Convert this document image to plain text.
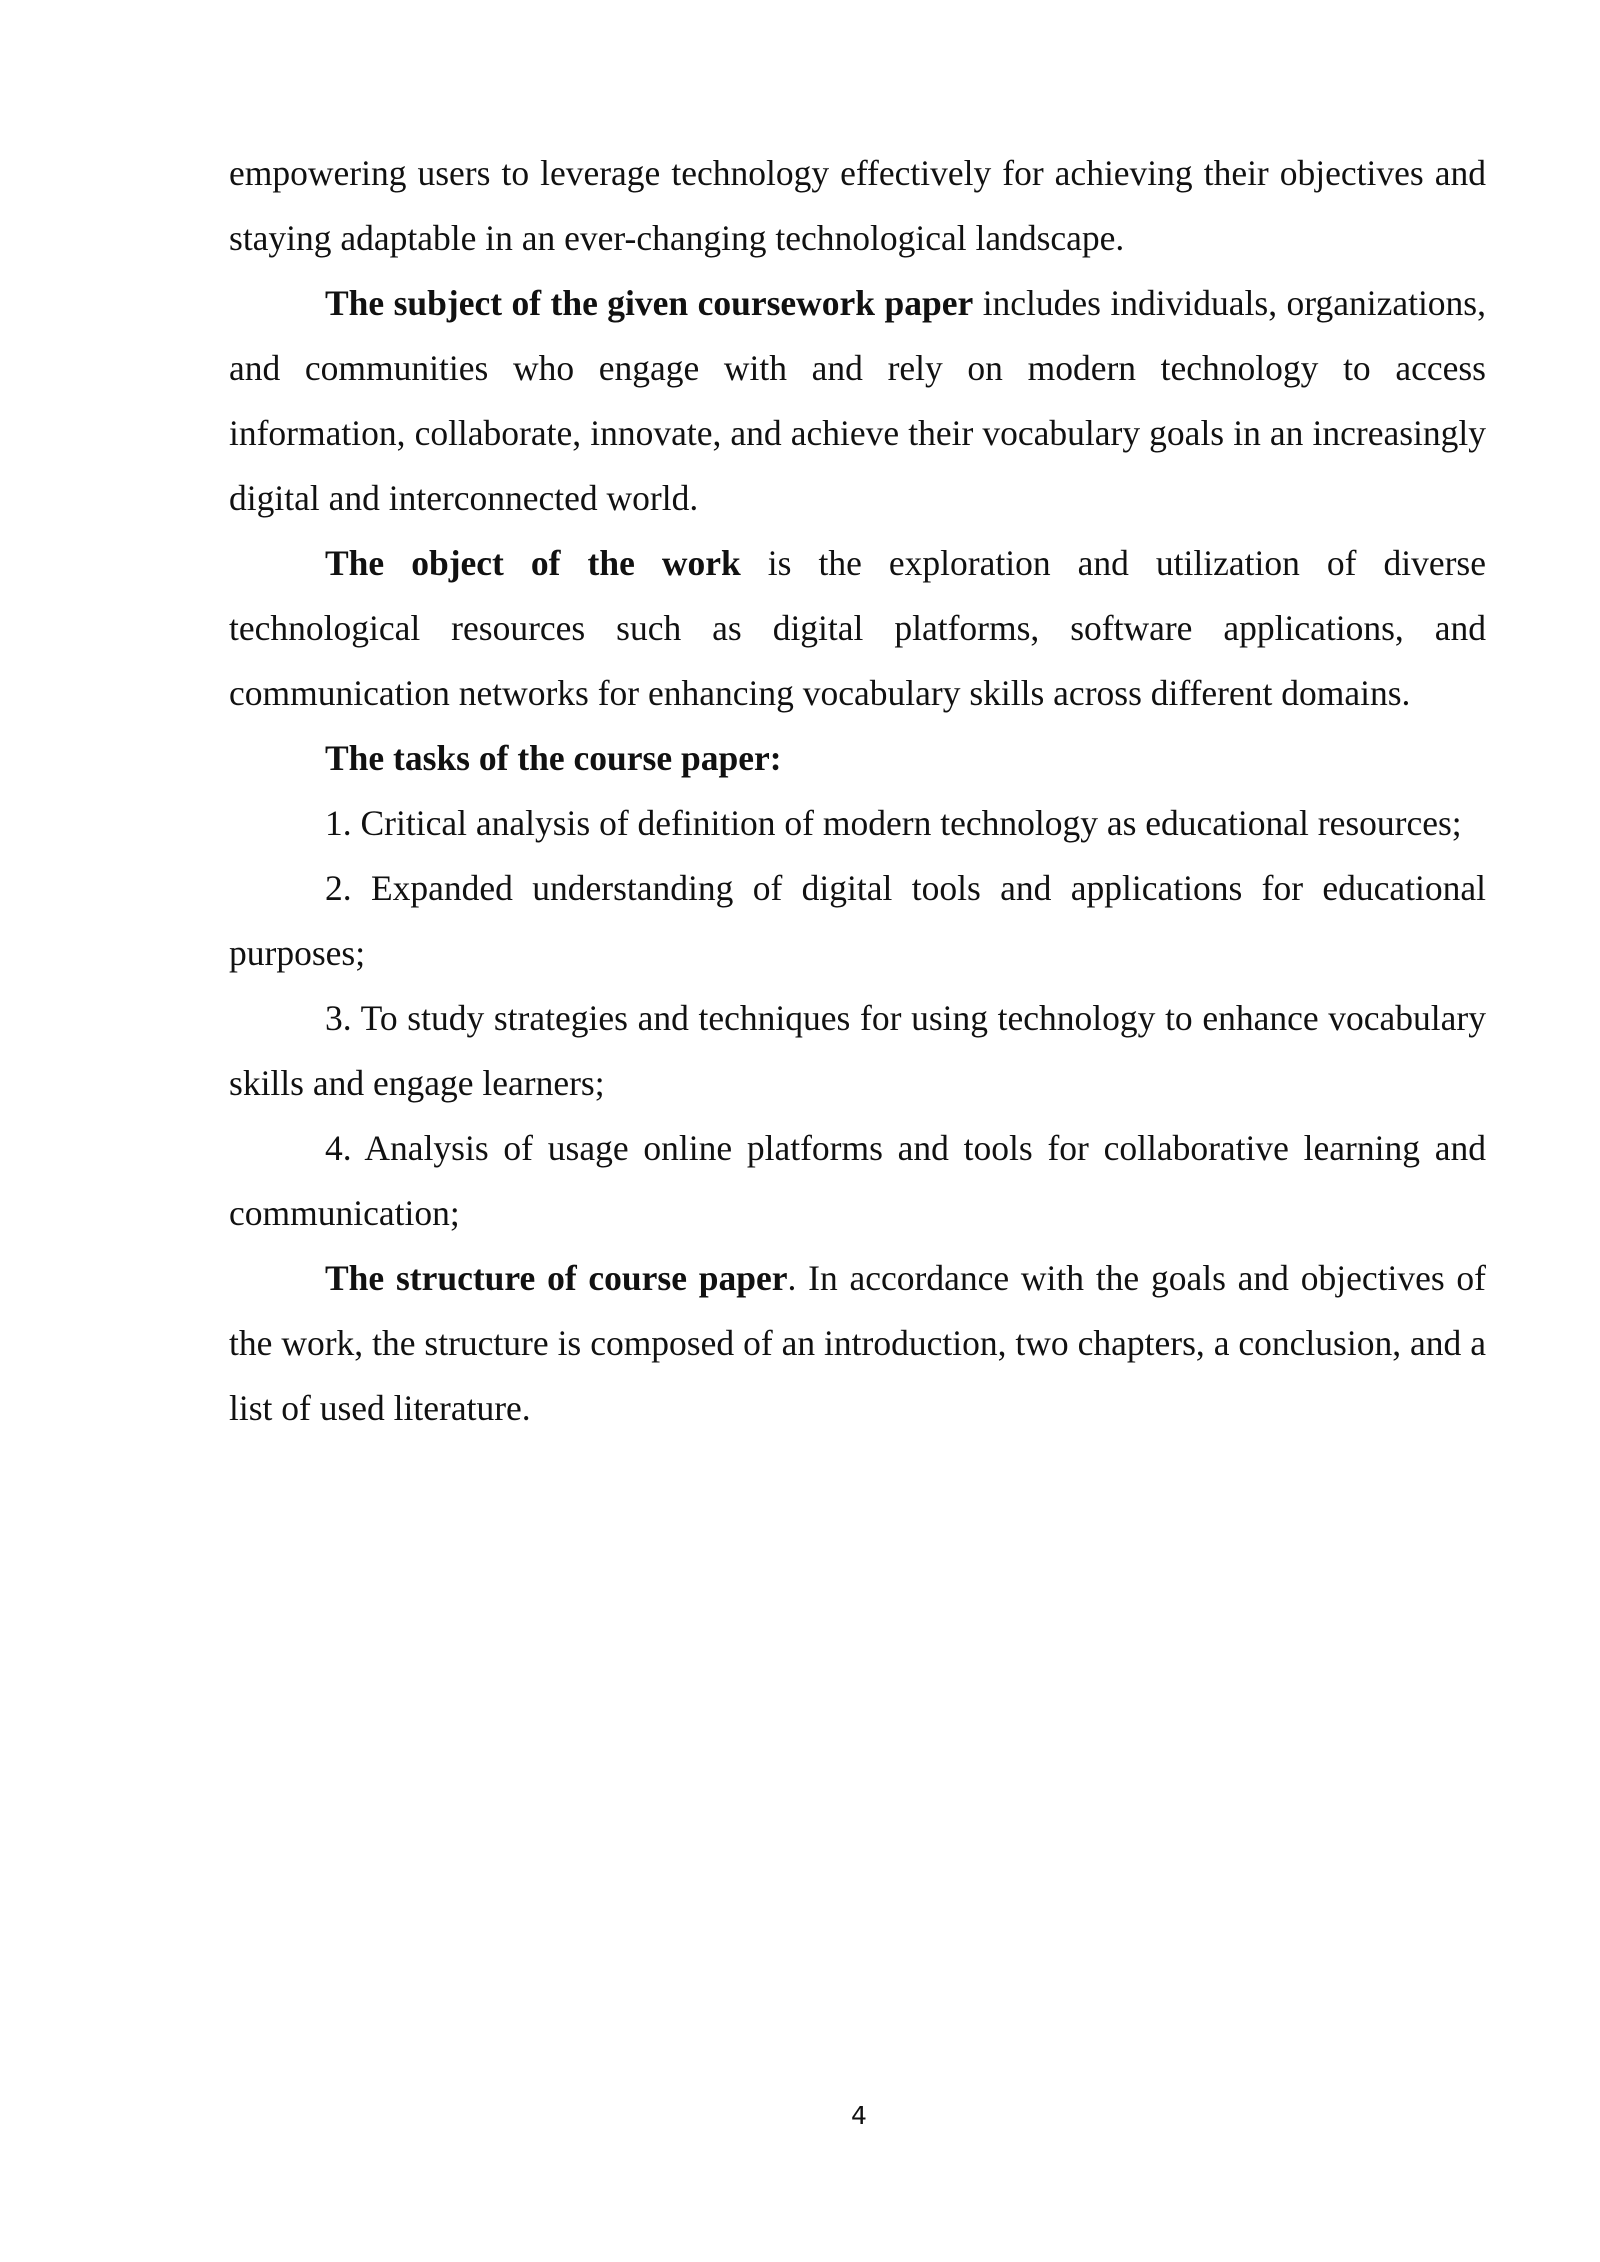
empowering users to leverage technology effectively for achieving their objectives and staying adaptable in an ever-changing technological landscape.

The subject of the given coursework paper includes individuals, organizations, and communities who engage with and rely on modern technology to access information, collaborate, innovate, and achieve their vocabulary goals in an increasingly digital and interconnected world.

The object of the work is the exploration and utilization of diverse technological resources such as digital platforms, software applications, and communication networks for enhancing vocabulary skills across different domains.

The tasks of the course paper:

1. Critical analysis of definition of modern technology as educational resources;

2. Expanded understanding of digital tools and applications for educational purposes;

3. To study strategies and techniques for using technology to enhance vocabulary skills and engage learners;

4. Analysis of usage online platforms and tools for collaborative learning and communication;

The structure of course paper. In accordance with the goals and objectives of the work, the structure is composed of an introduction, two chapters, a conclusion, and a list of used literature.

4
